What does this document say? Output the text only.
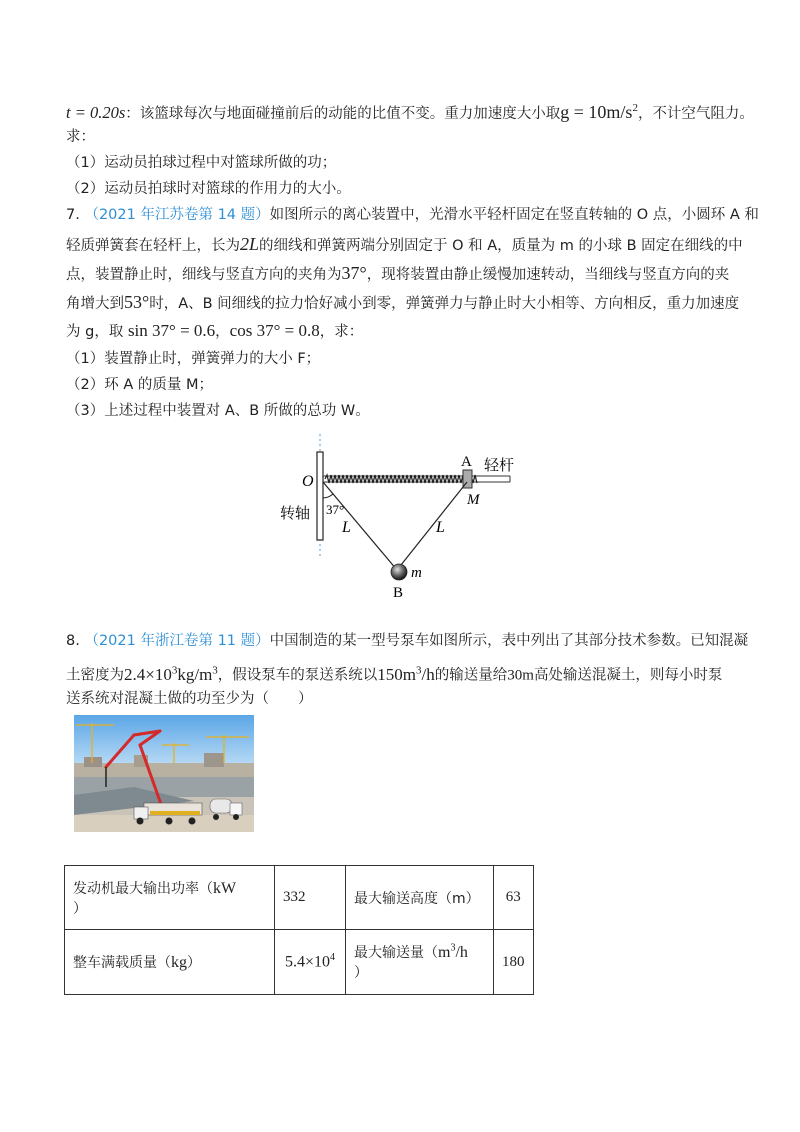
t = 0.20s：该篮球每次与地面碰撞前后的动能的比值不变。重力加速度大小取$g = 10m/s^2$，不计空气阻力。
求：
（1）运动员拍球过程中对篮球所做的功；
（2）运动员拍球时对篮球的作用力的大小。
7. （2021 年江苏卷第 14 题）如图所示的离心装置中，光滑水平轻杆固定在竖直转轴的 O 点，小圆环 A 和
轻质弹簧套在轻杆上，长为2L的细线和弹簧两端分别固定于 O 和 A，质量为 m 的小球 B 固定在细线的中
点，装置静止时，细线与竖直方向的夹角为37°，现将装置由静止缓慢加速转动，当细线与竖直方向的夹
角增大到53°时，A、B 间细线的拉力恰好减小到零，弹簧弹力与静止时大小相等、方向相反，重力加速度
为 g，取 sin 37° = 0.6，cos 37° = 0.8，求：
（1）装置静止时，弹簧弹力的大小 F；
（2）环 A 的质量 M；
（3）上述过程中装置对 A、B 所做的总功 W。
O
A 轻杆
M
转轴 37°
L	L
m
B
8. （2021 年浙江卷第 11 题）中国制造的某一型号泵车如图所示，表中列出了其部分技术参数。已知混凝
土密度为$2.4\times 10^3kg/m^3$，假设泵车的泵送系统以$150m^3/h$的输送量给30m高处输送混凝土，则每小时泵
送系统对混凝土做的功至少为（　　）
发动机最大输出功率（kW
）	332	最大输送高度（m）	63
整车满载质量（kg）	$5.4\times 10^4$	最大输送量（$m^3/h$
）	180
